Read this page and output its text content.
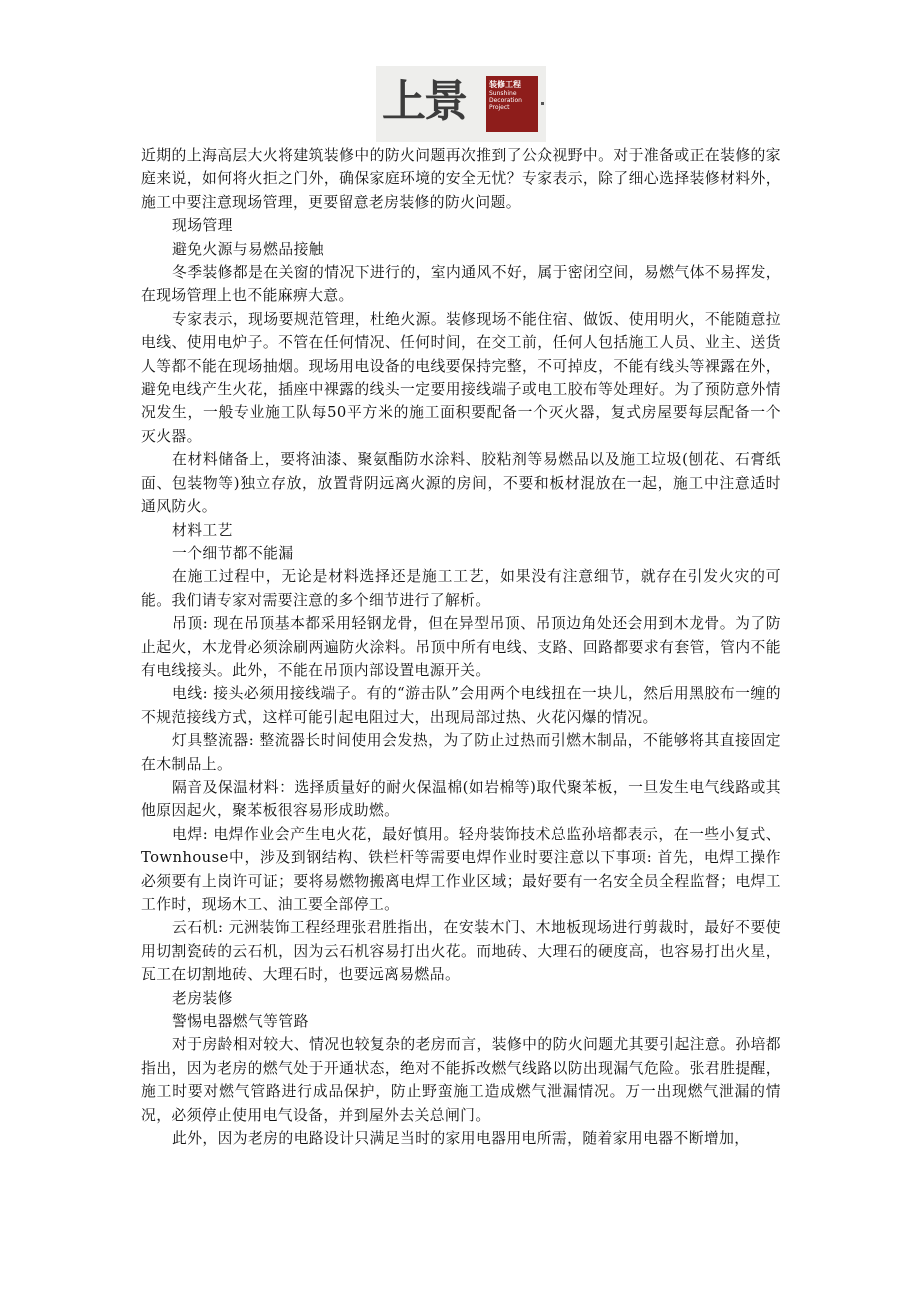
上景	装修工程
Sunshine Decoration Project

近期的上海高层大火将建筑装修中的防火问题再次推到了公众视野中。对于准备或正在装修的家庭来说，如何将火拒之门外，确保家庭环境的安全无忧？专家表示，除了细心选择装修材料外，施工中要注意现场管理，更要留意老房装修的防火问题。

现场管理

避免火源与易燃品接触

冬季装修都是在关窗的情况下进行的，室内通风不好，属于密闭空间，易燃气体不易挥发，在现场管理上也不能麻痹大意。

专家表示，现场要规范管理，杜绝火源。装修现场不能住宿、做饭、使用明火，不能随意拉电线、使用电炉子。不管在任何情况、任何时间，在交工前，任何人包括施工人员、业主、送货人等都不能在现场抽烟。现场用电设备的电线要保持完整，不可掉皮，不能有线头等裸露在外，避免电线产生火花，插座中裸露的线头一定要用接线端子或电工胶布等处理好。为了预防意外情况发生，一般专业施工队每50平方米的施工面积要配备一个灭火器，复式房屋要每层配备一个灭火器。

在材料储备上，要将油漆、聚氨酯防水涂料、胶粘剂等易燃品以及施工垃圾(刨花、石膏纸面、包装物等)独立存放，放置背阴远离火源的房间，不要和板材混放在一起，施工中注意适时通风防火。

材料工艺

一个细节都不能漏

在施工过程中，无论是材料选择还是施工工艺，如果没有注意细节，就存在引发火灾的可能。我们请专家对需要注意的多个细节进行了解析。

吊顶: 现在吊顶基本都采用轻钢龙骨，但在异型吊顶、吊顶边角处还会用到木龙骨。为了防止起火，木龙骨必须涂刷两遍防火涂料。吊顶中所有电线、支路、回路都要求有套管，管内不能有电线接头。此外，不能在吊顶内部设置电源开关。

电线: 接头必须用接线端子。有的“游击队”会用两个电线扭在一块儿，然后用黑胶布一缠的不规范接线方式，这样可能引起电阻过大，出现局部过热、火花闪爆的情况。

灯具整流器: 整流器长时间使用会发热，为了防止过热而引燃木制品，不能够将其直接固定在木制品上。

隔音及保温材料：选择质量好的耐火保温棉(如岩棉等)取代聚苯板，一旦发生电气线路或其他原因起火，聚苯板很容易形成助燃。

电焊: 电焊作业会产生电火花，最好慎用。轻舟装饰技术总监孙培都表示，在一些小复式、Townhouse中，涉及到钢结构、铁栏杆等需要电焊作业时要注意以下事项: 首先，电焊工操作必须要有上岗许可证；要将易燃物搬离电焊工作业区域；最好要有一名安全员全程监督；电焊工工作时，现场木工、油工要全部停工。

云石机: 元洲装饰工程经理张君胜指出，在安装木门、木地板现场进行剪裁时，最好不要使用切割瓷砖的云石机，因为云石机容易打出火花。而地砖、大理石的硬度高，也容易打出火星，瓦工在切割地砖、大理石时，也要远离易燃品。

老房装修

警惕电器燃气等管路

对于房龄相对较大、情况也较复杂的老房而言，装修中的防火问题尤其要引起注意。孙培都指出，因为老房的燃气处于开通状态，绝对不能拆改燃气线路以防出现漏气危险。张君胜提醒，施工时要对燃气管路进行成品保护，防止野蛮施工造成燃气泄漏情况。万一出现燃气泄漏的情况，必须停止使用电气设备，并到屋外去关总闸门。

此外，因为老房的电路设计只满足当时的家用电器用电所需，随着家用电器不断增加，
